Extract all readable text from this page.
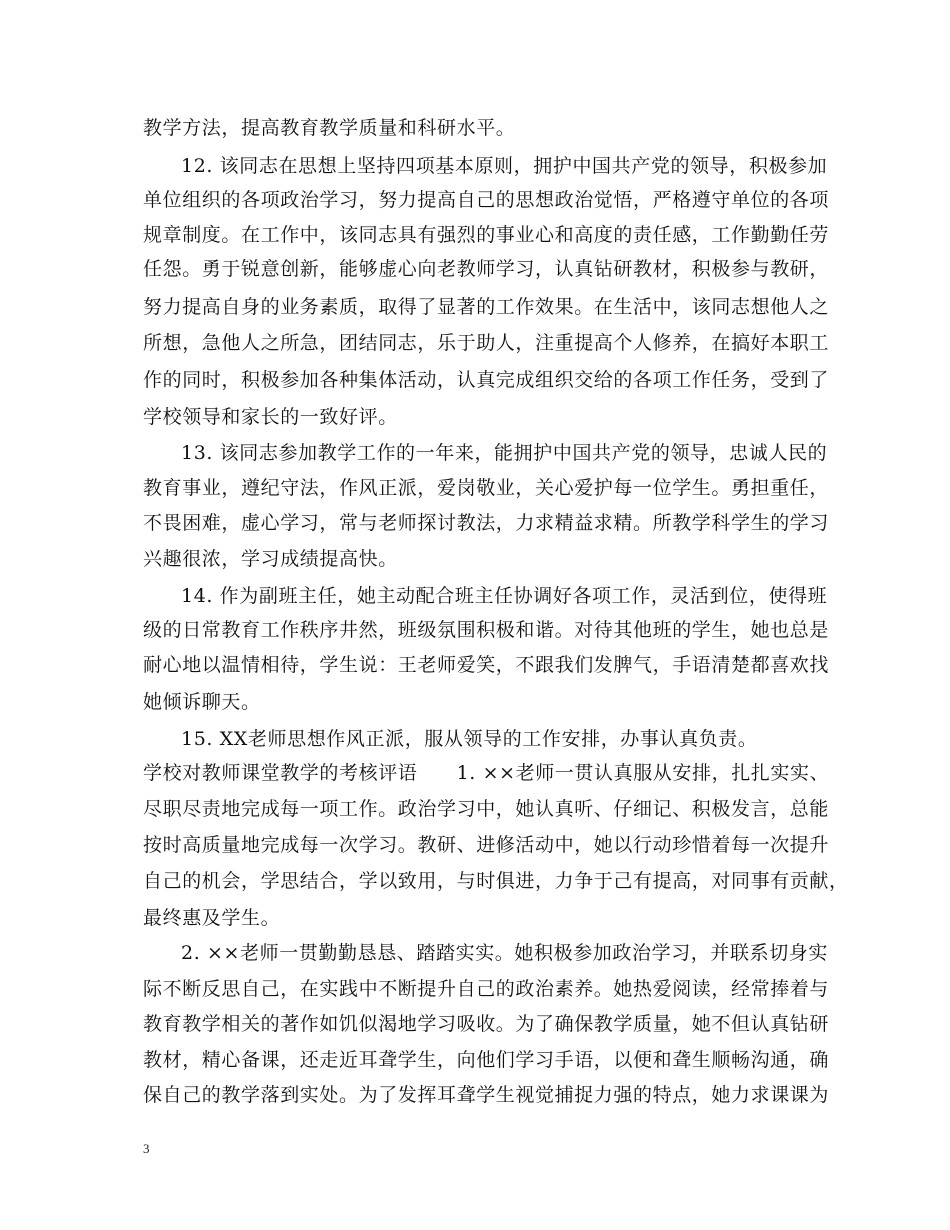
教学方法，提高教育教学质量和科研水平。

12. 该同志在思想上坚持四项基本原则，拥护中国共产党的领导，积极参加

单位组织的各项政治学习，努力提高自己的思想政治觉悟，严格遵守单位的各项

规章制度。在工作中，该同志具有强烈的事业心和高度的责任感，工作勤勤任劳

任怨。勇于锐意创新，能够虚心向老教师学习，认真钻研教材，积极参与教研，

努力提高自身的业务素质，取得了显著的工作效果。在生活中，该同志想他人之

所想，急他人之所急，团结同志，乐于助人，注重提高个人修养，在搞好本职工

作的同时，积极参加各种集体活动，认真完成组织交给的各项工作任务，受到了

学校领导和家长的一致好评。

13. 该同志参加教学工作的一年来，能拥护中国共产党的领导，忠诚人民的

教育事业，遵纪守法，作风正派，爱岗敬业，关心爱护每一位学生。勇担重任，

不畏困难，虚心学习，常与老师探讨教法，力求精益求精。所教学科学生的学习

兴趣很浓，学习成绩提高快。

14. 作为副班主任，她主动配合班主任协调好各项工作，灵活到位，使得班

级的日常教育工作秩序井然，班级氛围积极和谐。对待其他班的学生，她也总是

耐心地以温情相待，学生说：王老师爱笑，不跟我们发脾气，手语清楚都喜欢找

她倾诉聊天。

15. XX老师思想作风正派，服从领导的工作安排，办事认真负责。

学校对教师课堂教学的考核评语　　1. ××老师一贯认真服从安排，扎扎实实、

尽职尽责地完成每一项工作。政治学习中，她认真听、仔细记、积极发言，总能

按时高质量地完成每一次学习。教研、进修活动中，她以行动珍惜着每一次提升

自己的机会，学思结合，学以致用，与时俱进，力争于己有提高，对同事有贡献，

最终惠及学生。

2. ××老师一贯勤勤恳恳、踏踏实实。她积极参加政治学习，并联系切身实

际不断反思自己，在实践中不断提升自己的政治素养。她热爱阅读，经常捧着与

教育教学相关的著作如饥似渴地学习吸收。为了确保教学质量，她不但认真钻研

教材，精心备课，还走近耳聋学生，向他们学习手语，以便和聋生顺畅沟通，确

保自己的教学落到实处。为了发挥耳聋学生视觉捕捉力强的特点，她力求课课为

3
